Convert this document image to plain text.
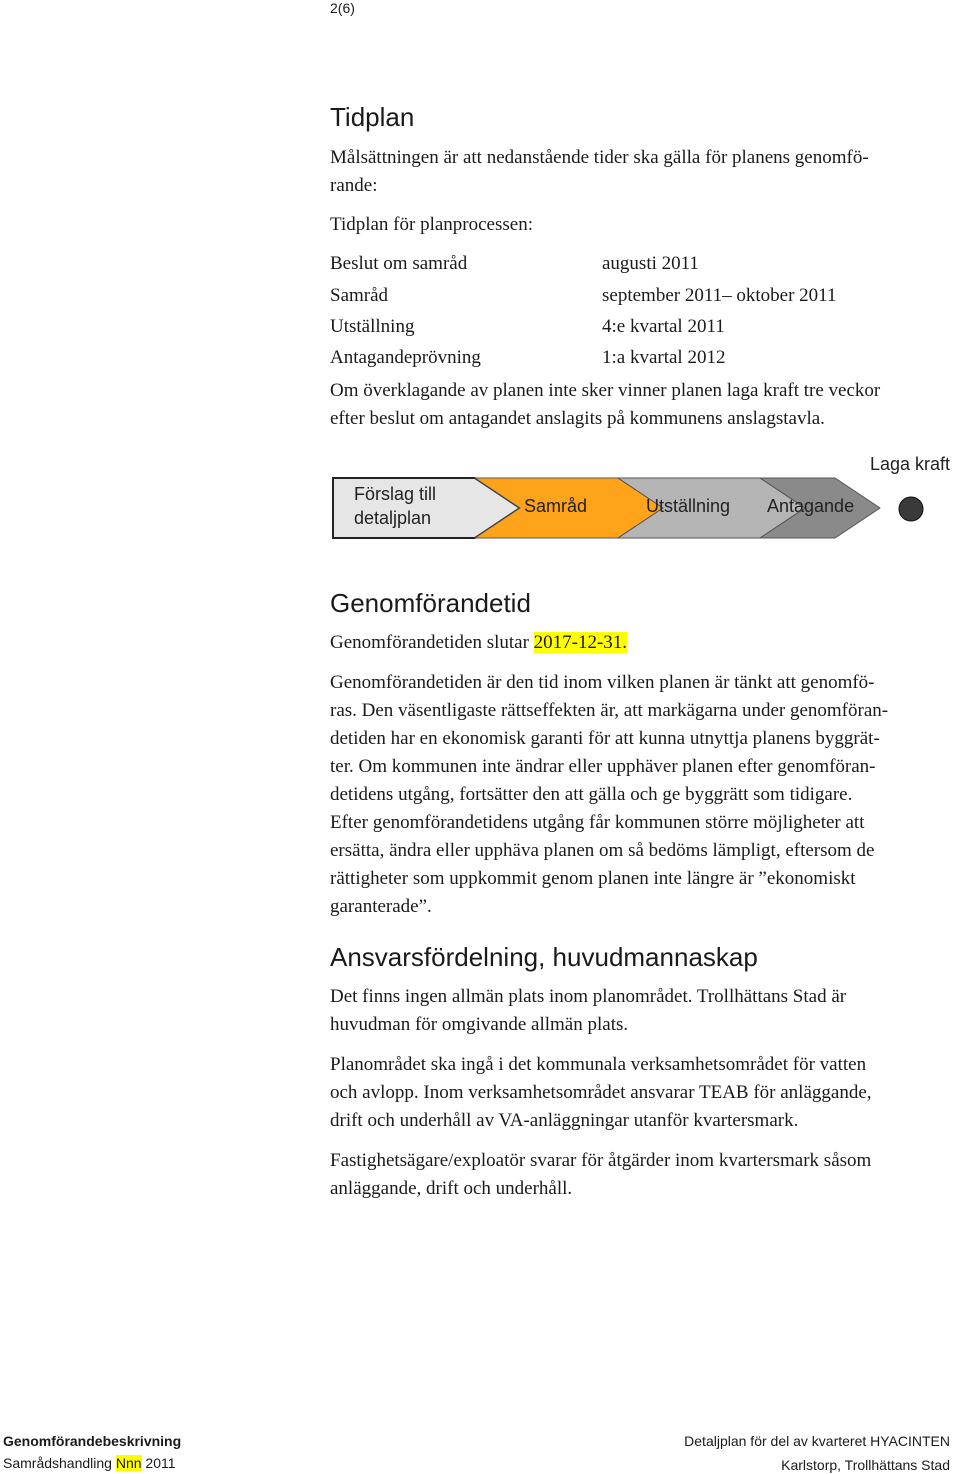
2(6)
Tidplan
Målsättningen är att nedanstående tider ska gälla för planens genomfö-
rande:
Tidplan för planprocessen:
Beslut om samråd	augusti 2011
Samråd	september 2011– oktober 2011
Utställning	4:e kvartal 2011
Antagandeprövning	1:a kvartal 2012
Om överklagande av planen inte sker vinner planen laga kraft tre veckor
efter beslut om antagandet anslagits på kommunens anslagstavla.
Förslag till
detaljplan
Samråd	Utställning Antagande
Laga kraft
Genomförandetid
Genomförandetiden slutar 2017-12-31.
Genomförandetiden är den tid inom vilken planen är tänkt att genomfö-
ras. Den väsentligaste rättseffekten är, att markägarna under genomföran-
detiden har en ekonomisk garanti för att kunna utnyttja planens byggrät-
ter. Om kommunen inte ändrar eller upphäver planen efter genomföran-
detidens utgång, fortsätter den att gälla och ge byggrätt som tidigare.
Efter genomförandetidens utgång får kommunen större möjligheter att
ersätta, ändra eller upphäva planen om så bedöms lämpligt, eftersom de
rättigheter som uppkommit genom planen inte längre är ”ekonomiskt
garanterade”.
Ansvarsfördelning, huvudmannaskap
Det finns ingen allmän plats inom planområdet. Trollhättans Stad är
huvudman för omgivande allmän plats.
Planområdet ska ingå i det kommunala verksamhetsområdet för vatten
och avlopp. Inom verksamhetsområdet ansvarar TEAB för anläggande,
drift och underhåll av VA-anläggningar utanför kvartersmark.
Fastighetsägare/exploatör svarar för åtgärder inom kvartersmark såsom
anläggande, drift och underhåll.
Genomförandebeskrivning
Samrådshandling Nnn 2011
Detaljplan för del av kvarteret HYACINTEN
Karlstorp, Trollhättans Stad
